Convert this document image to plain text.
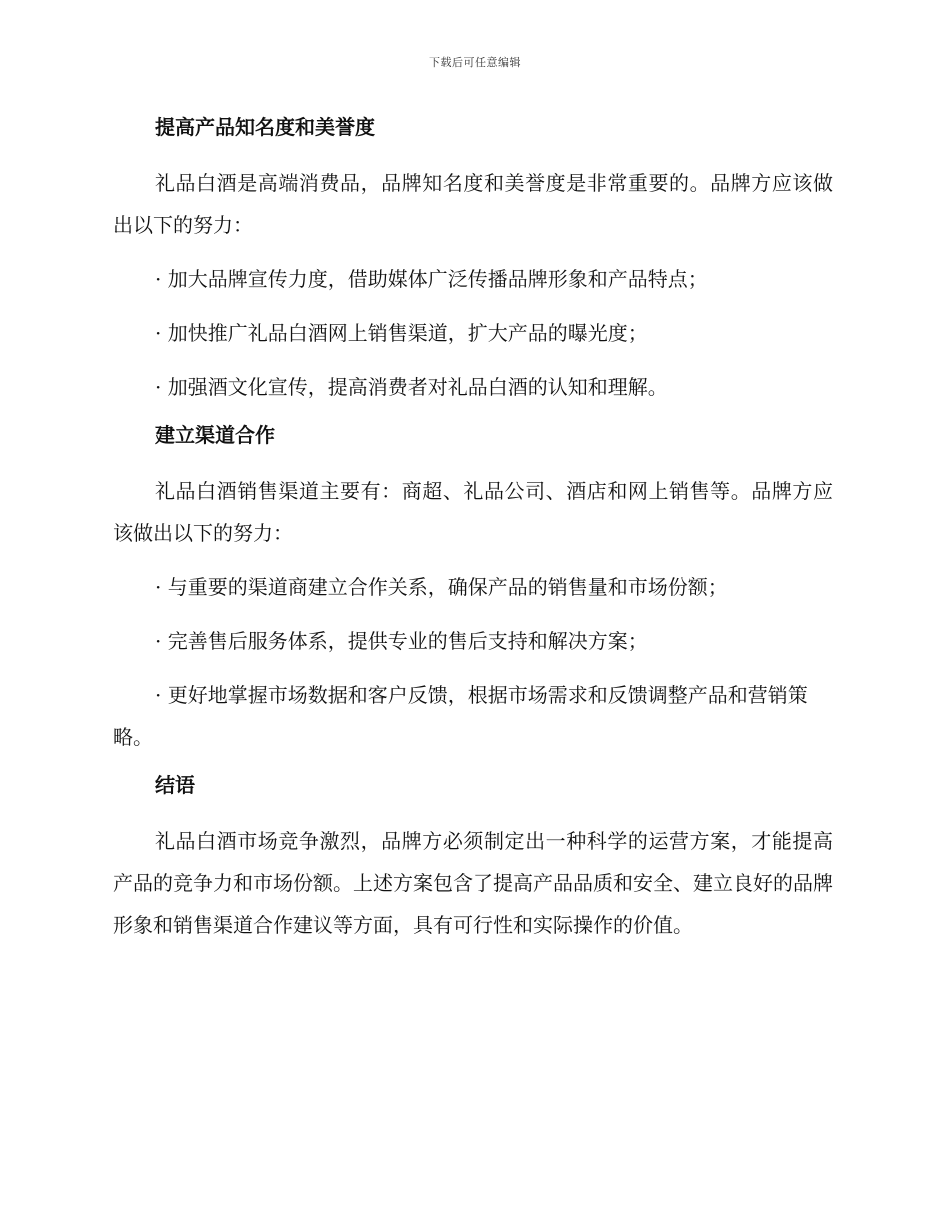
下载后可任意编辑
提高产品知名度和美誉度

礼品白酒是高端消费品，品牌知名度和美誉度是非常重要的。品牌方应该做出以下的努力：

· 加大品牌宣传力度，借助媒体广泛传播品牌形象和产品特点；

· 加快推广礼品白酒网上销售渠道，扩大产品的曝光度；

· 加强酒文化宣传，提高消费者对礼品白酒的认知和理解。

建立渠道合作

礼品白酒销售渠道主要有：商超、礼品公司、酒店和网上销售等。品牌方应该做出以下的努力：

· 与重要的渠道商建立合作关系，确保产品的销售量和市场份额；

· 完善售后服务体系，提供专业的售后支持和解决方案；

· 更好地掌握市场数据和客户反馈，根据市场需求和反馈调整产品和营销策略。

结语

礼品白酒市场竞争激烈，品牌方必须制定出一种科学的运营方案，才能提高产品的竞争力和市场份额。上述方案包含了提高产品品质和安全、建立良好的品牌形象和销售渠道合作建议等方面，具有可行性和实际操作的价值。
